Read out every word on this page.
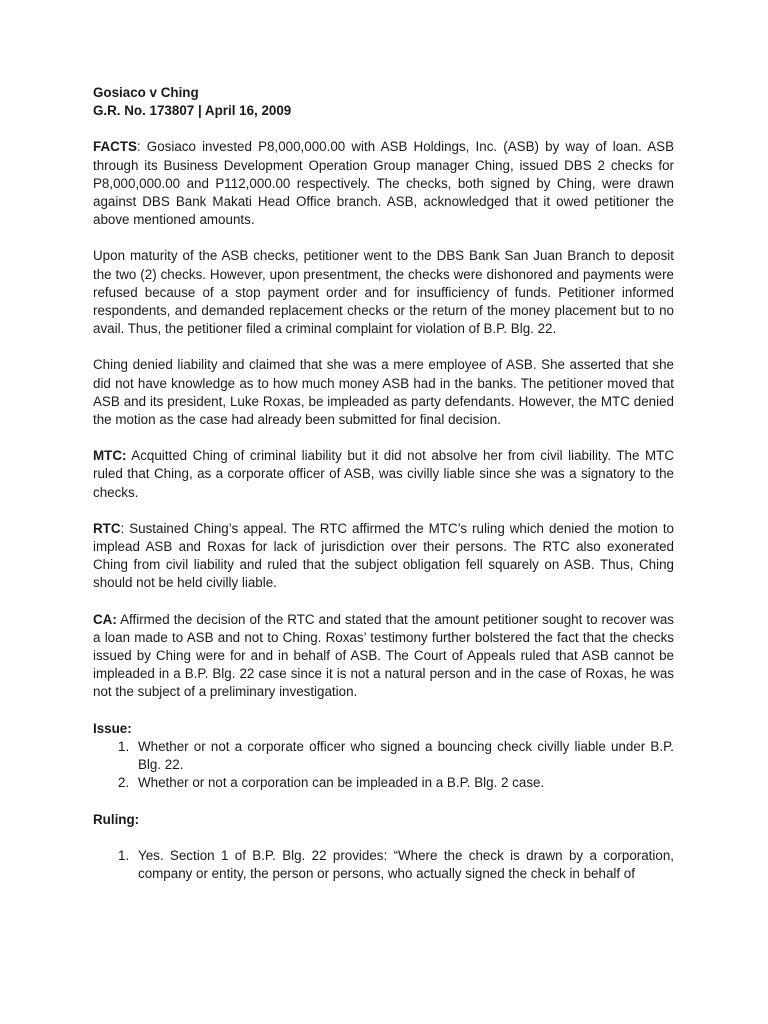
Gosiaco v Ching

G.R. No. 173807 | April 16, 2009

FACTS: Gosiaco invested P8,000,000.00 with ASB Holdings, Inc. (ASB) by way of loan. ASB through its Business Development Operation Group manager Ching, issued DBS 2 checks for P8,000,000.00 and P112,000.00 respectively. The checks, both signed by Ching, were drawn against DBS Bank Makati Head Office branch. ASB, acknowledged that it owed petitioner the above mentioned amounts.

Upon maturity of the ASB checks, petitioner went to the DBS Bank San Juan Branch to deposit the two (2) checks. However, upon presentment, the checks were dishonored and payments were refused because of a stop payment order and for insufficiency of funds. Petitioner informed respondents, and demanded replacement checks or the return of the money placement but to no avail. Thus, the petitioner filed a criminal complaint for violation of B.P. Blg. 22.

Ching denied liability and claimed that she was a mere employee of ASB. She asserted that she did not have knowledge as to how much money ASB had in the banks. The petitioner moved that ASB and its president, Luke Roxas, be impleaded as party defendants. However, the MTC denied the motion as the case had already been submitted for final decision.

MTC: Acquitted Ching of criminal liability but it did not absolve her from civil liability. The MTC ruled that Ching, as a corporate officer of ASB, was civilly liable since she was a signatory to the checks.

RTC: Sustained Ching’s appeal. The RTC affirmed the MTC’s ruling which denied the motion to implead ASB and Roxas for lack of jurisdiction over their persons. The RTC also exonerated Ching from civil liability and ruled that the subject obligation fell squarely on ASB. Thus, Ching should not be held civilly liable.

CA: Affirmed the decision of the RTC and stated that the amount petitioner sought to recover was a loan made to ASB and not to Ching. Roxas’ testimony further bolstered the fact that the checks issued by Ching were for and in behalf of ASB. The Court of Appeals ruled that ASB cannot be impleaded in a B.P. Blg. 22 case since it is not a natural person and in the case of Roxas, he was not the subject of a preliminary investigation.

Issue:

1. Whether or not a corporate officer who signed a bouncing check civilly liable under B.P. Blg. 22.
2. Whether or not a corporation can be impleaded in a B.P. Blg. 2 case.

Ruling:

1. Yes. Section 1 of B.P. Blg. 22 provides: “Where the check is drawn by a corporation, company or entity, the person or persons, who actually signed the check in behalf of
